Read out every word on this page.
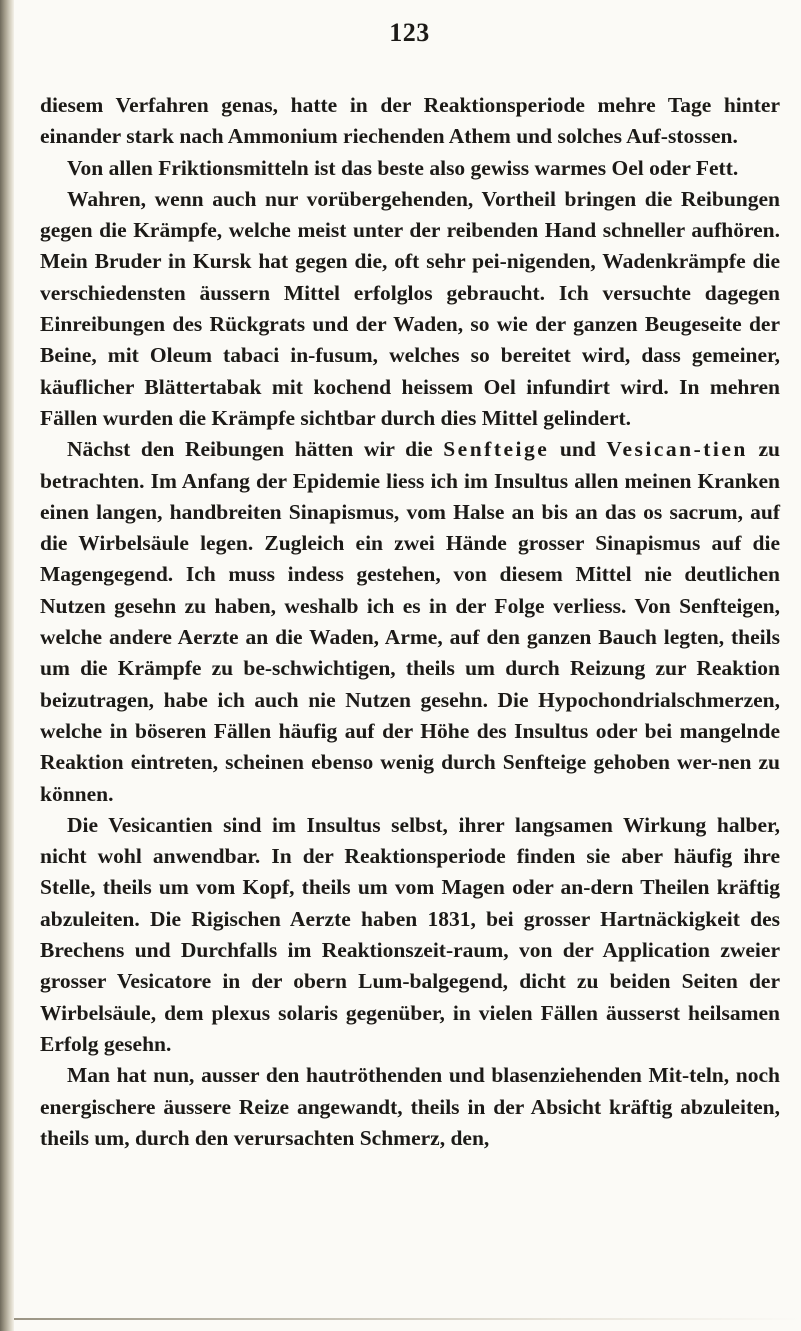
123

diesem Verfahren genas, hatte in der Reaktionsperiode mehre Tage hinter einander stark nach Ammonium riechenden Athem und solches Auf-stossen.

Von allen Friktionsmitteln ist das beste also gewiss warmes Oel oder Fett.

Wahren, wenn auch nur vorübergehenden, Vortheil bringen die Reibungen gegen die Krämpfe, welche meist unter der reibenden Hand schneller aufhören. Mein Bruder in Kursk hat gegen die, oft sehr pei-nigenden, Wadenkrämpfe die verschiedensten äussern Mittel erfolglos gebraucht. Ich versuchte dagegen Einreibungen des Rückgrats und der Waden, so wie der ganzen Beugeseite der Beine, mit Oleum tabaci in-fusum, welches so bereitet wird, dass gemeiner, käuflicher Blättertabak mit kochend heissem Oel infundirt wird. In mehren Fällen wurden die Krämpfe sichtbar durch dies Mittel gelindert.

Nächst den Reibungen hätten wir die Senfteige und Vesican-tien zu betrachten. Im Anfang der Epidemie liess ich im Insultus allen meinen Kranken einen langen, handbreiten Sinapismus, vom Halse an bis an das os sacrum, auf die Wirbelsäule legen. Zugleich ein zwei Hände grosser Sinapismus auf die Magengegend. Ich muss indess gestehen, von diesem Mittel nie deutlichen Nutzen gesehn zu haben, weshalb ich es in der Folge verliess. Von Senfteigen, welche andere Aerzte an die Waden, Arme, auf den ganzen Bauch legten, theils um die Krämpfe zu be-schwichtigen, theils um durch Reizung zur Reaktion beizutragen, habe ich auch nie Nutzen gesehn. Die Hypochondrialschmerzen, welche in böseren Fällen häufig auf der Höhe des Insultus oder bei mangelnde Reaktion eintreten, scheinen ebenso wenig durch Senfteige gehoben wer-nen zu können.

Die Vesicantien sind im Insultus selbst, ihrer langsamen Wirkung halber, nicht wohl anwendbar. In der Reaktionsperiode finden sie aber häufig ihre Stelle, theils um vom Kopf, theils um vom Magen oder an-dern Theilen kräftig abzuleiten. Die Rigischen Aerzte haben 1831, bei grosser Hartnäckigkeit des Brechens und Durchfalls im Reaktionszeit-raum, von der Application zweier grosser Vesicatore in der obern Lum-balgegend, dicht zu beiden Seiten der Wirbelsäule, dem plexus solaris gegenüber, in vielen Fällen äusserst heilsamen Erfolg gesehn.

Man hat nun, ausser den hautröthenden und blasenziehenden Mit-teln, noch energischere äussere Reize angewandt, theils in der Absicht kräftig abzuleiten, theils um, durch den verursachten Schmerz, den,
